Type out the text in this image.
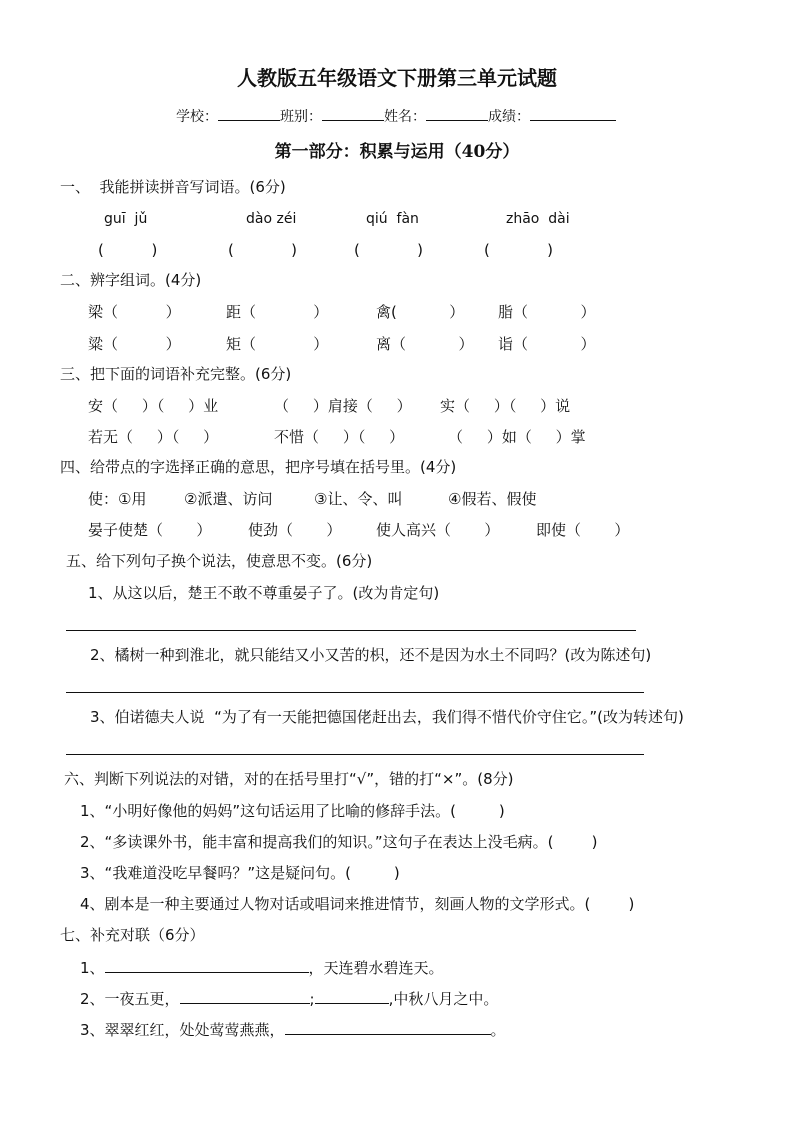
人教版五年级语文下册第三单元试题
学校：	班别：	姓名：	成绩：
第一部分：积累与运用（40分）
一、  我能拼读拼音写词语。(6分)
guī  jǔ	dào zéi	qiú  fàn	zhāo  dài
(          )	(            )	(            )	(            )
二、辨字组词。(4分)
梁（          ）	距（            ）	禽(           ） 脂（           ）
粱（          ）	矩（            ）	离（           ） 诣（           ）
三、把下面的词语补充完整。(6分)
安（     ）（     ）业	（     ）肩接（     ） 实（     ）（     ）说
若无（     ）（     ）	不惜（     ）（     ）	（     ）如（     ）掌
四、给带点的字选择正确的意思，把序号填在括号里。(4分)
使：①用	②派遣、访问	③让、令、叫	④假若、假使
晏子使楚（       ） 使劲（       ） 使人高兴（       ） 即使（       ）
五、给下列句子换个说法，使意思不变。(6分)
1、从这以后，楚王不敢不尊重晏子了。(改为肯定句)
2、橘树一种到淮北，就只能结又小又苦的枳，还不是因为水土不同吗？(改为陈述句)
3、伯诺德夫人说  “为了有一天能把德国佬赶出去，我们得不惜代价守住它。”(改为转述句)
六、判断下列说法的对错，对的在括号里打“√”，错的打“×”。(8分)
1、“小明好像他的妈妈”这句话运用了比喻的修辞手法。(         )
2、“多读课外书，能丰富和提高我们的知识。”这句子在表达上没毛病。(        )
3、“我难道没吃早餐吗？”这是疑问句。(         )
4、剧本是一种主要通过人物对话或唱词来推进情节，刻画人物的文学形式。(        )
七、补充对联（6分）
1、	，天连碧水碧连天。
2、一夜五更，	;	,中秋八月之中。
3、翠翠红红，处处莺莺燕燕，	。
